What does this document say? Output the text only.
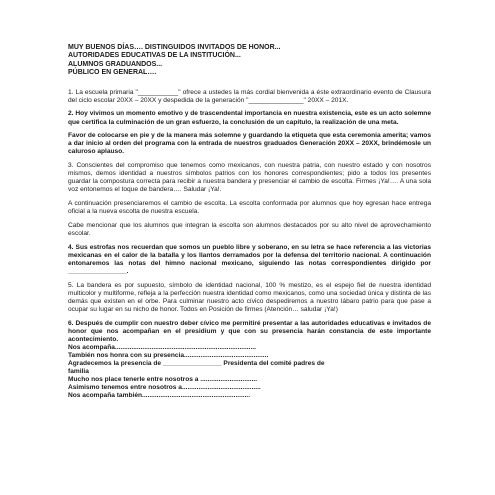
MUY BUENOS DÍAS…. DISTINGUIDOS INVITADOS DE HONOR...
AUTORIDADES EDUCATIVAS DE LA INSTITUCIÓN...
ALUMNOS GRADUANDOS...
PÚBLICO EN GENERAL….

1. La escuela primaria "___________" ofrece a ustedes la más cordial bienvenida a éste extraordinario evento de Clausura del ciclo escolar 20XX – 20XX y despedida de la generación "_______________" 20XX – 201X.

2. Hoy vivimos un momento emotivo y de trascendental importancia en nuestra existencia, este es un acto solemne que certifica la culminación de un gran esfuerzo, la conclusión de un capítulo, la realización de una meta.

Favor de colocarse en pie y de la manera más solemne y guardando la etiqueta que esta ceremonia amerita; vamos a dar inicio al orden del programa con la entrada de nuestros graduados Generación 20XX – 20XX, brindémosle un caluroso aplauso.

3. Conscientes del compromiso que tenemos como mexicanos, con nuestra patria, con nuestro estado y con nosotros mismos, demos identidad a nuestros símbolos patrios con los honores correspondientes; pido a todos los presentes guardar la compostura correcta para recibir a nuestra bandera y presenciar el cambio de escolta. Firmes ¡Ya!…. A una sola voz entonemos el toque de bandera…. Saludar ¡Ya!.

A continuación presenciaremos el cambio de escolta. La escolta conformada por alumnos que hoy egresan hace entrega oficial a la nueva escolta de nuestra escuela.

Cabe mencionar que los alumnos que integran la escolta son alumnos destacados por su alto nivel de aprovechamiento escolar.

4. Sus estrofas nos recuerdan que somos un pueblo libre y soberano, en su letra se hace referencia a las victorias mexicanas en el calor de la batalla y los llantos derramados por la defensa del territorio nacional. A continuación entonaremos las notas del himno nacional mexicano, siguiendo las notas correspondientes dirigido por ________________.

5. La bandera es por supuesto, símbolo de identidad nacional, 100 % mestizo, es el espejo fiel de nuestra identidad multicolor y multiforme, refleja a la perfección nuestra identidad como mexicanos, como una sociedad única y distinta de las demás que existen en el orbe. Para culminar nuestro acto cívico despediremos a nuestro lábaro patrio para que pase a ocupar su lugar en su nicho de honor. Todos en Posición de firmes (Atención… saludar ¡Ya!)

6. Después de cumplir con nuestro deber cívico me permitiré presentar a las autoridades educativas e invitados de honor que nos acompañan en el presidium y que con su presencia harán constancia de este importante acontecimiento.

Nos acompaña.............................................................................
También nos honra con su presencia..............................................
Agradecemos la presencia de ________________ Presidenta del comité padres de
familia
Mucho nos place tenerle entre nosotros a ...............................
Asimismo tenemos entre nosotros a...........................................
Nos acompaña también...........................................................
